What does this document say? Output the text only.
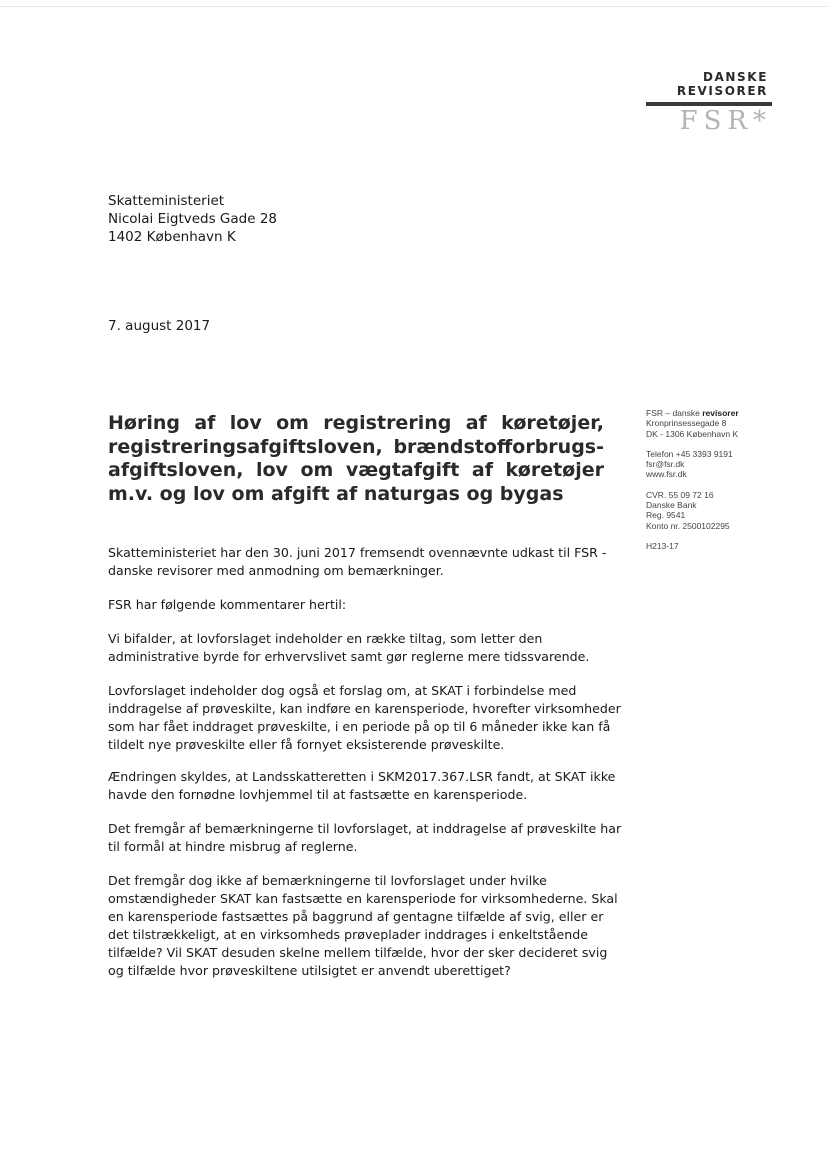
DANSKE
REVISORER
FSR*
Skatteministeriet
Nicolai Eigtveds Gade 28
1402 København K
7. august 2017
FSR – danske revisorer
Kronprinsessegade 8
DK - 1306 København K
Telefon +45 3393 9191
fsr@fsr.dk
www.fsr.dk
CVR. 55 09 72 16
Danske Bank
Reg. 9541
Konto nr. 2500102295
H213-17
Høring af lov om registrering af køretøjer,
registreringsafgiftsloven, brændstofforbrugs-
afgiftsloven, lov om vægtafgift af køretøjer
m.v. og lov om afgift af naturgas og bygas
Skatteministeriet har den 30. juni 2017 fremsendt ovennævnte udkast til FSR -
danske revisorer med anmodning om bemærkninger.
FSR har følgende kommentarer hertil:
Vi bifalder, at lovforslaget indeholder en række tiltag, som letter den
administrative byrde for erhvervslivet samt gør reglerne mere tidssvarende.
Lovforslaget indeholder dog også et forslag om, at SKAT i forbindelse med
inddragelse af prøveskilte, kan indføre en karensperiode, hvorefter virksomheder
som har fået inddraget prøveskilte, i en periode på op til 6 måneder ikke kan få
tildelt nye prøveskilte eller få fornyet eksisterende prøveskilte.
Ændringen skyldes, at Landsskatteretten i SKM2017.367.LSR fandt, at SKAT ikke
havde den fornødne lovhjemmel til at fastsætte en karensperiode.
Det fremgår af bemærkningerne til lovforslaget, at inddragelse af prøveskilte har
til formål at hindre misbrug af reglerne.
Det fremgår dog ikke af bemærkningerne til lovforslaget under hvilke
omstændigheder SKAT kan fastsætte en karensperiode for virksomhederne. Skal
en karensperiode fastsættes på baggrund af gentagne tilfælde af svig, eller er
det tilstrækkeligt, at en virksomheds prøveplader inddrages i enkeltstående
tilfælde? Vil SKAT desuden skelne mellem tilfælde, hvor der sker decideret svig
og tilfælde hvor prøveskiltene utilsigtet er anvendt uberettiget?
